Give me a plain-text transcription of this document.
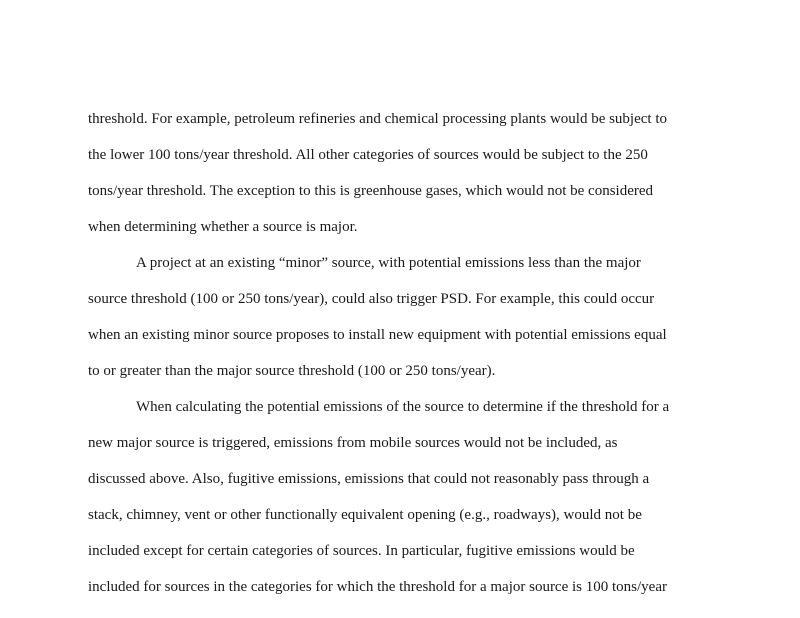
threshold. For example, petroleum refineries and chemical processing plants would be subject to

the lower 100 tons/year threshold. All other categories of sources would be subject to the 250

tons/year threshold. The exception to this is greenhouse gases, which would not be considered

when determining whether a source is major.

A project at an existing “minor” source, with potential emissions less than the major

source threshold (100 or 250 tons/year), could also trigger PSD. For example, this could occur

when an existing minor source proposes to install new equipment with potential emissions equal

to or greater than the major source threshold (100 or 250 tons/year).

When calculating the potential emissions of the source to determine if the threshold for a

new major source is triggered, emissions from mobile sources would not be included, as

discussed above. Also, fugitive emissions, emissions that could not reasonably pass through a

stack, chimney, vent or other functionally equivalent opening (e.g., roadways), would not be

included except for certain categories of sources. In particular, fugitive emissions would be

included for sources in the categories for which the threshold for a major source is 100 tons/year
